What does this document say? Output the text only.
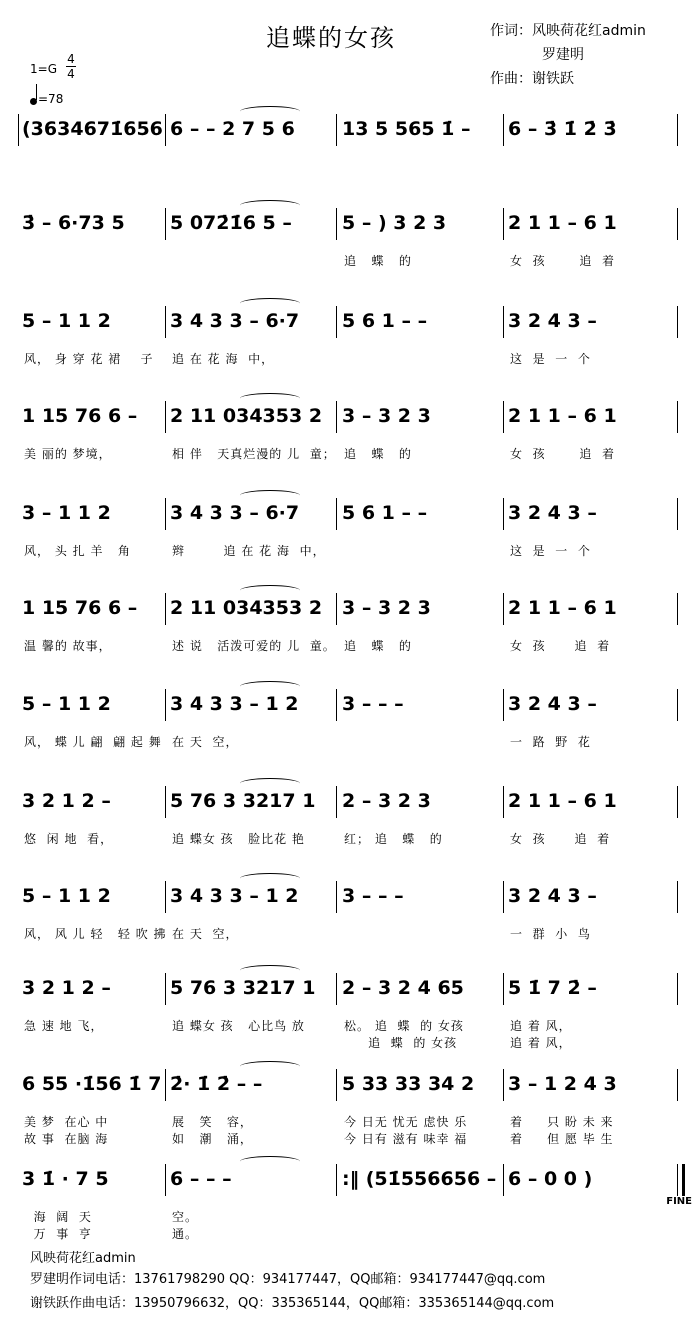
追蝶的女孩	作词：风映荷花红admin
罗建明
作曲：谢铁跃
1=G
4
4
=78
(3634671̇656 6 – – 2 7 5 6 13 5 565 1̇ – 6 – 3̇ 1̇ 2̇ 3̇
3̇ – 6·73 5 5 072̇1̇6 5 –	5 – ) 3 2 3	2 1 1 – 6 1
追   蝶   的	女  孩       追  着
5 – 1 1 2	3 4 3 3 – 6·7 5 6 1 – –	3 2 4 3 –
风， 身 穿 花 裙    子 追 在 花 海  中，	这  是  一  个
1 15 76 6 – 2 11 034353 2 3 – 3 2 3	2 1 1 – 6 1
美 丽的 梦境，	相 伴   天真烂漫的 儿  童； 追   蝶   的	女  孩       追  着
3 – 1 1 2	3 4 3 3 – 6·7 5 6 1 – –	3 2 4 3 –
风， 头 扎 羊   角	辫        追 在 花 海  中，	这  是  一  个
1 15 76 6 – 2 11 034353 2 3 – 3 2 3	2 1 1 – 6 1
温 馨的 故事，	述 说   活泼可爱的 儿  童。 追   蝶   的	女  孩      追  着
5 – 1 1 2	3 4 3 3 – 1 2 3 – – –	3 2 4 3 –
风， 蝶 儿 翩  翩 起 舞 在 天  空，	一  路  野  花
3 2 1 2 –	5 76 3 3217 1 2 – 3 2 3	2 1 1 – 6 1
悠  闲 地  看，	追 蝶女 孩   脸比花 艳	红； 追   蝶   的	女  孩      追  着
5 – 1 1 2	3 4 3 3 – 1 2 3 – – –	3 2 4 3 –
风， 风 儿 轻   轻 吹 拂 在 天  空，	一  群  小  鸟
3 2 1 2 –	5 76 3 3217 1 2 – 3 2 4 65 5 1̇ 7 2̇ –
急 速 地 飞，	追 蝶女 孩   心比鸟 放	松。 追  蝶  的 女孩
追  蝶  的 女孩
追 着 风，
追 着 风，
6 55 ·1̇56 1̇ 7 2̇· 1̇ 2̇ – –	5 33 33 34 2 3 – 1 2 4 3
美 梦  在心 中
故 事  在脑 海
展   笑   容，
如   潮   涌，
今 日无 忧无 虑快 乐
今 日有 滋有 味幸 福
着     只 盼 未 来
着     但 愿 毕 生
3 1̇ · 7 5	6 – – –	:‖ (51̇556656 – 6 – 0 0 )
海  阔  天
万  事  亨
空。
通。
FINE
风映荷花红admin
罗建明作词电话：13761798290 QQ：934177447，QQ邮箱：934177447@qq.com
谢铁跃作曲电话：13950796632，QQ：335365144，QQ邮箱：335365144@qq.com
